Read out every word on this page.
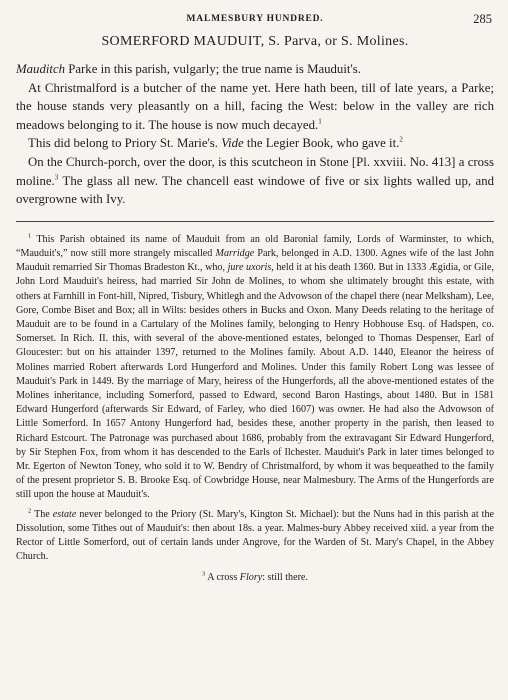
MALMESBURY HUNDRED.	285
SOMERFORD MAUDUIT, S. Parva, or S. Molines.

Mauditch Parke in this parish, vulgarly; the true name is Mauduit's.

At Christmalford is a butcher of the name yet. Here hath been, till of late years, a Parke; the house stands very pleasantly on a hill, facing the West: below in the valley are rich meadows belonging to it. The house is now much decayed.$^1$

This did belong to Priory St. Marie's. Vide the Legier Book, who gave it.$^2$

On the Church-porch, over the door, is this scutcheon in Stone [Pl. xxviii. No. 413] a cross moline.$^3$ The glass all new. The chancell east windowe of five or six lights walled up, and overgrowne with Ivy.

$^1$ This Parish obtained its name of Mauduit from an old Baronial family, Lords of Warminster, to which, “Mauduit's,” now still more strangely miscalled Marridge Park, belonged in A.D. 1300. Agnes wife of the last John Mauduit remarried Sir Thomas Bradeston Kt., who, jure uxoris, held it at his death 1360. But in 1333 Ægidia, or Gile, John Lord Mauduit's heiress, had married Sir John de Molines, to whom she ultimately brought this estate, with others at Farnhill in Font-hill, Nipred, Tisbury, Whitlegh and the Advowson of the chapel there (near Melksham), Lee, Gore, Combe Biset and Box; all in Wilts: besides others in Bucks and Oxon. Many Deeds relating to the heritage of Mauduit are to be found in a Cartulary of the Molines family, belonging to Henry Hobhouse Esq. of Hadspen, co. Somerset. In Rich. II. this, with several of the above-mentioned estates, belonged to Thomas Despenser, Earl of Gloucester: but on his attainder 1397, returned to the Molines family. About A.D. 1440, Eleanor the heiress of Molines married Robert afterwards Lord Hungerford and Molines. Under this family Robert Long was lessee of Mauduit's Park in 1449. By the marriage of Mary, heiress of the Hungerfords, all the above-mentioned estates of the Molines inheritance, including Somerford, passed to Edward, second Baron Hastings, about 1480. But in 1581 Edward Hungerford (afterwards Sir Edward, of Farley, who died 1607) was owner. He had also the Advowson of Little Somerford. In 1657 Antony Hungerford had, besides these, another property in the parish, then leased to Richard Estcourt. The Patronage was purchased about 1686, probably from the extravagant Sir Edward Hungerford, by Sir Stephen Fox, from whom it has descended to the Earls of Ilchester. Mauduit's Park in later times belonged to Mr. Egerton of Newton Toney, who sold it to W. Bendry of Christmalford, by whom it was bequeathed to the family of the present proprietor S. B. Brooke Esq. of Cowbridge House, near Malmesbury. The Arms of the Hungerfords are still upon the house at Mauduit's.

$^2$ The estate never belonged to the Priory (St. Mary's, Kington St. Michael): but the Nuns had in this parish at the Dissolution, some Tithes out of Mauduit's: then about 18s. a year. Malmes-bury Abbey received xiid. a year from the Rector of Little Somerford, out of certain lands under Angrove, for the Warden of St. Mary's Chapel, in the Abbey Church.

$^3$ A cross Flory: still there.
